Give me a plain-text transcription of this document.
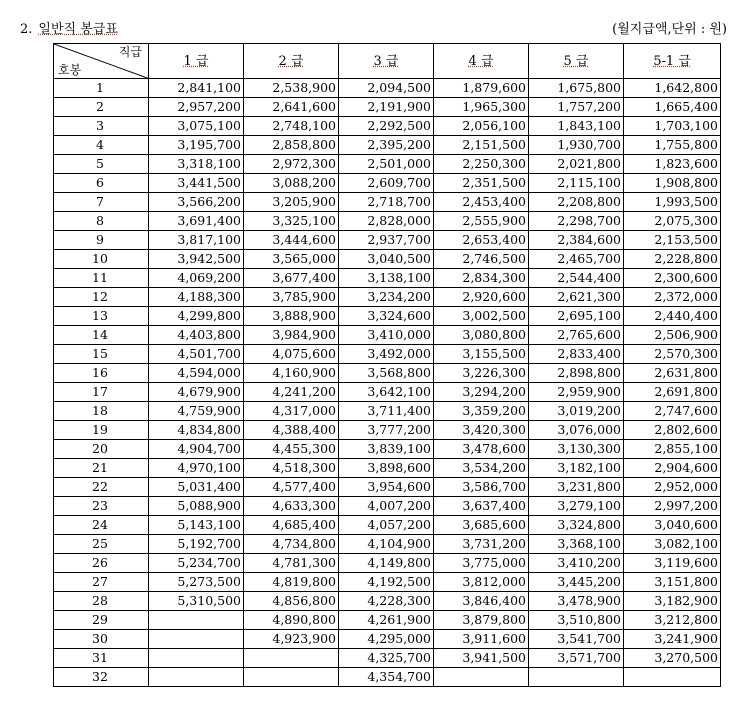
2. 일반직 봉급표	(월지급액,단위 : 원)
직급
호봉	1 급	2 급	3 급	4 급	5 급	5-1 급
1	2,841,100	2,538,900	2,094,500	1,879,600	1,675,800	1,642,800
2	2,957,200	2,641,600	2,191,900	1,965,300	1,757,200	1,665,400
3	3,075,100	2,748,100	2,292,500	2,056,100	1,843,100	1,703,100
4	3,195,700	2,858,800	2,395,200	2,151,500	1,930,700	1,755,800
5	3,318,100	2,972,300	2,501,000	2,250,300	2,021,800	1,823,600
6	3,441,500	3,088,200	2,609,700	2,351,500	2,115,100	1,908,800
7	3,566,200	3,205,900	2,718,700	2,453,400	2,208,800	1,993,500
8	3,691,400	3,325,100	2,828,000	2,555,900	2,298,700	2,075,300
9	3,817,100	3,444,600	2,937,700	2,653,400	2,384,600	2,153,500
10	3,942,500	3,565,000	3,040,500	2,746,500	2,465,700	2,228,800
11	4,069,200	3,677,400	3,138,100	2,834,300	2,544,400	2,300,600
12	4,188,300	3,785,900	3,234,200	2,920,600	2,621,300	2,372,000
13	4,299,800	3,888,900	3,324,600	3,002,500	2,695,100	2,440,400
14	4,403,800	3,984,900	3,410,000	3,080,800	2,765,600	2,506,900
15	4,501,700	4,075,600	3,492,000	3,155,500	2,833,400	2,570,300
16	4,594,000	4,160,900	3,568,800	3,226,300	2,898,800	2,631,800
17	4,679,900	4,241,200	3,642,100	3,294,200	2,959,900	2,691,800
18	4,759,900	4,317,000	3,711,400	3,359,200	3,019,200	2,747,600
19	4,834,800	4,388,400	3,777,200	3,420,300	3,076,000	2,802,600
20	4,904,700	4,455,300	3,839,100	3,478,600	3,130,300	2,855,100
21	4,970,100	4,518,300	3,898,600	3,534,200	3,182,100	2,904,600
22	5,031,400	4,577,400	3,954,600	3,586,700	3,231,800	2,952,000
23	5,088,900	4,633,300	4,007,200	3,637,400	3,279,100	2,997,200
24	5,143,100	4,685,400	4,057,200	3,685,600	3,324,800	3,040,600
25	5,192,700	4,734,800	4,104,900	3,731,200	3,368,100	3,082,100
26	5,234,700	4,781,300	4,149,800	3,775,000	3,410,200	3,119,600
27	5,273,500	4,819,800	4,192,500	3,812,000	3,445,200	3,151,800
28	5,310,500	4,856,800	4,228,300	3,846,400	3,478,900	3,182,900
29		4,890,800	4,261,900	3,879,800	3,510,800	3,212,800
30		4,923,900	4,295,000	3,911,600	3,541,700	3,241,900
31			4,325,700	3,941,500	3,571,700	3,270,500
32			4,354,700			
